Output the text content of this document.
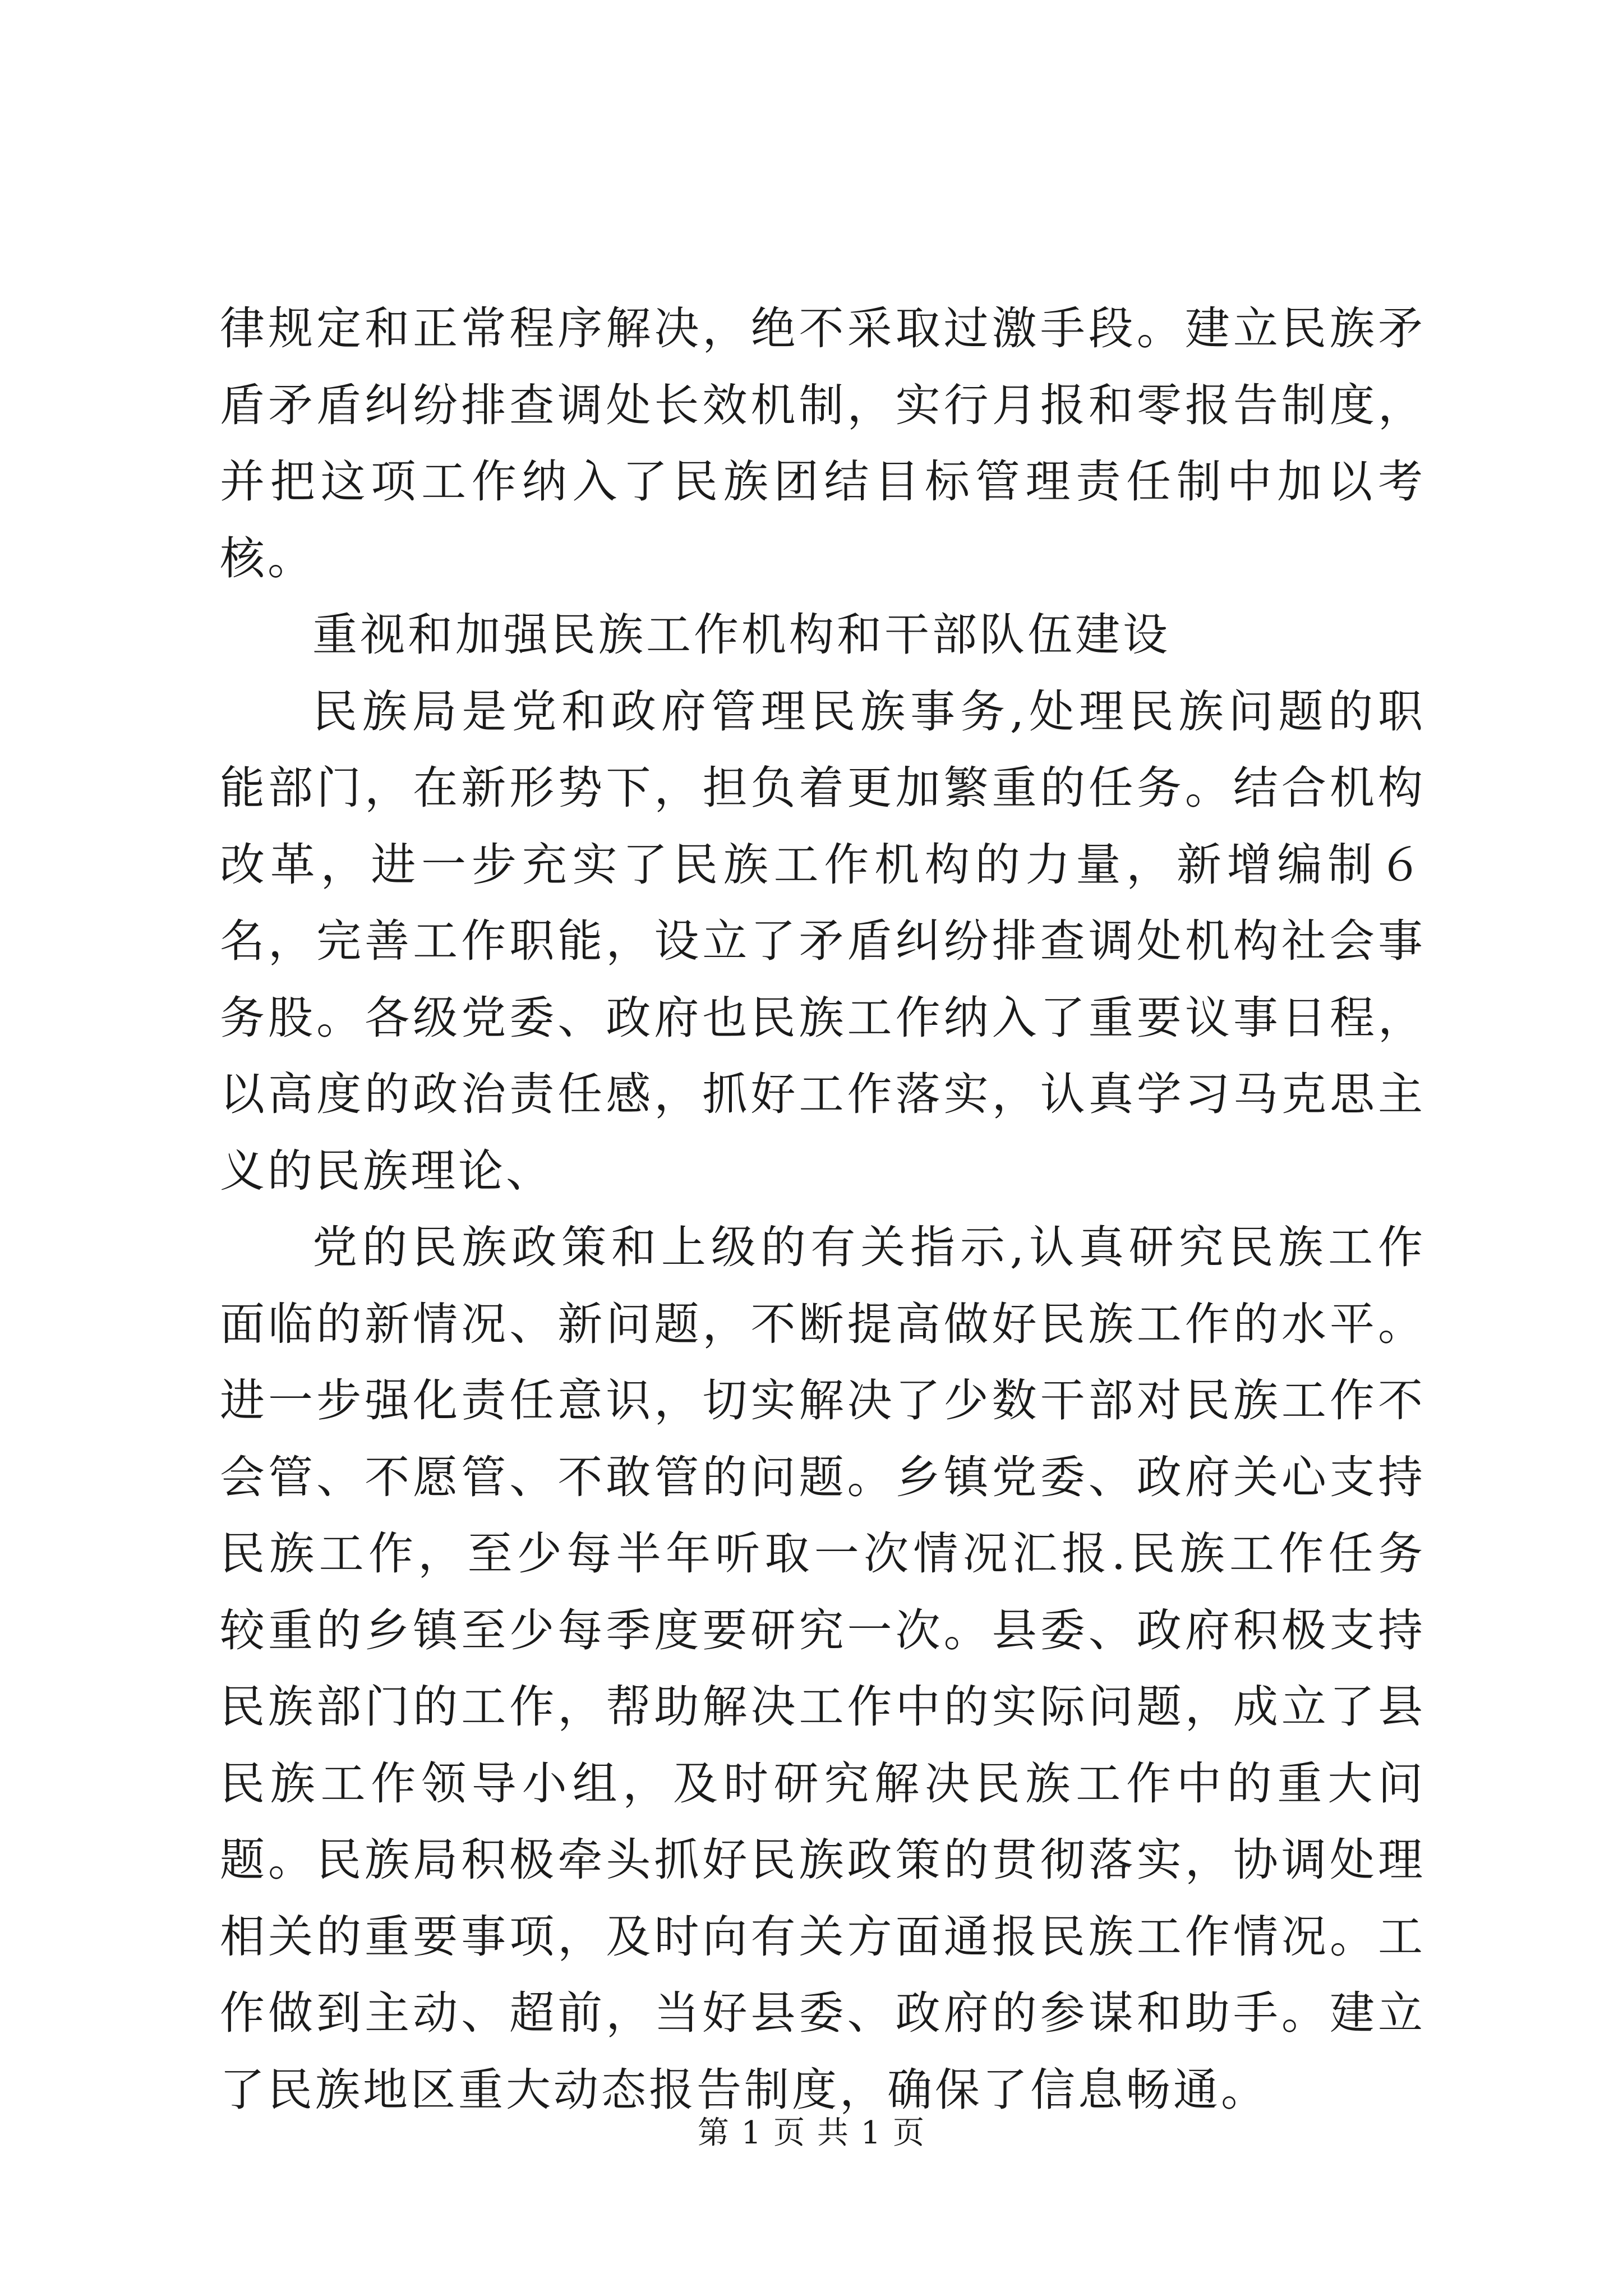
律规定和正常程序解决，绝不采取过激手段。建立民族矛盾矛盾纠纷排查调处长效机制，实行月报和零报告制度，并把这项工作纳入了民族团结目标管理责任制中加以考核。

重视和加强民族工作机构和干部队伍建设

民族局是党和政府管理民族事务,处理民族问题的职能部门，在新形势下，担负着更加繁重的任务。结合机构改革，进一步充实了民族工作机构的力量，新增编制６名，完善工作职能，设立了矛盾纠纷排查调处机构社会事务股。各级党委、政府也民族工作纳入了重要议事日程，以高度的政治责任感，抓好工作落实，认真学习马克思主义的民族理论、

党的民族政策和上级的有关指示,认真研究民族工作面临的新情况、新问题，不断提高做好民族工作的水平。进一步强化责任意识，切实解决了少数干部对民族工作不会管、不愿管、不敢管的问题。乡镇党委、政府关心支持民族工作，至少每半年听取一次情况汇报.民族工作任务较重的乡镇至少每季度要研究一次。县委、政府积极支持民族部门的工作，帮助解决工作中的实际问题，成立了县民族工作领导小组，及时研究解决民族工作中的重大问题。民族局积极牵头抓好民族政策的贯彻落实，协调处理相关的重要事项，及时向有关方面通报民族工作情况。工作做到主动、超前，当好县委、政府的参谋和助手。建立了民族地区重大动态报告制度，确保了信息畅通。

第 1 页 共 1 页
